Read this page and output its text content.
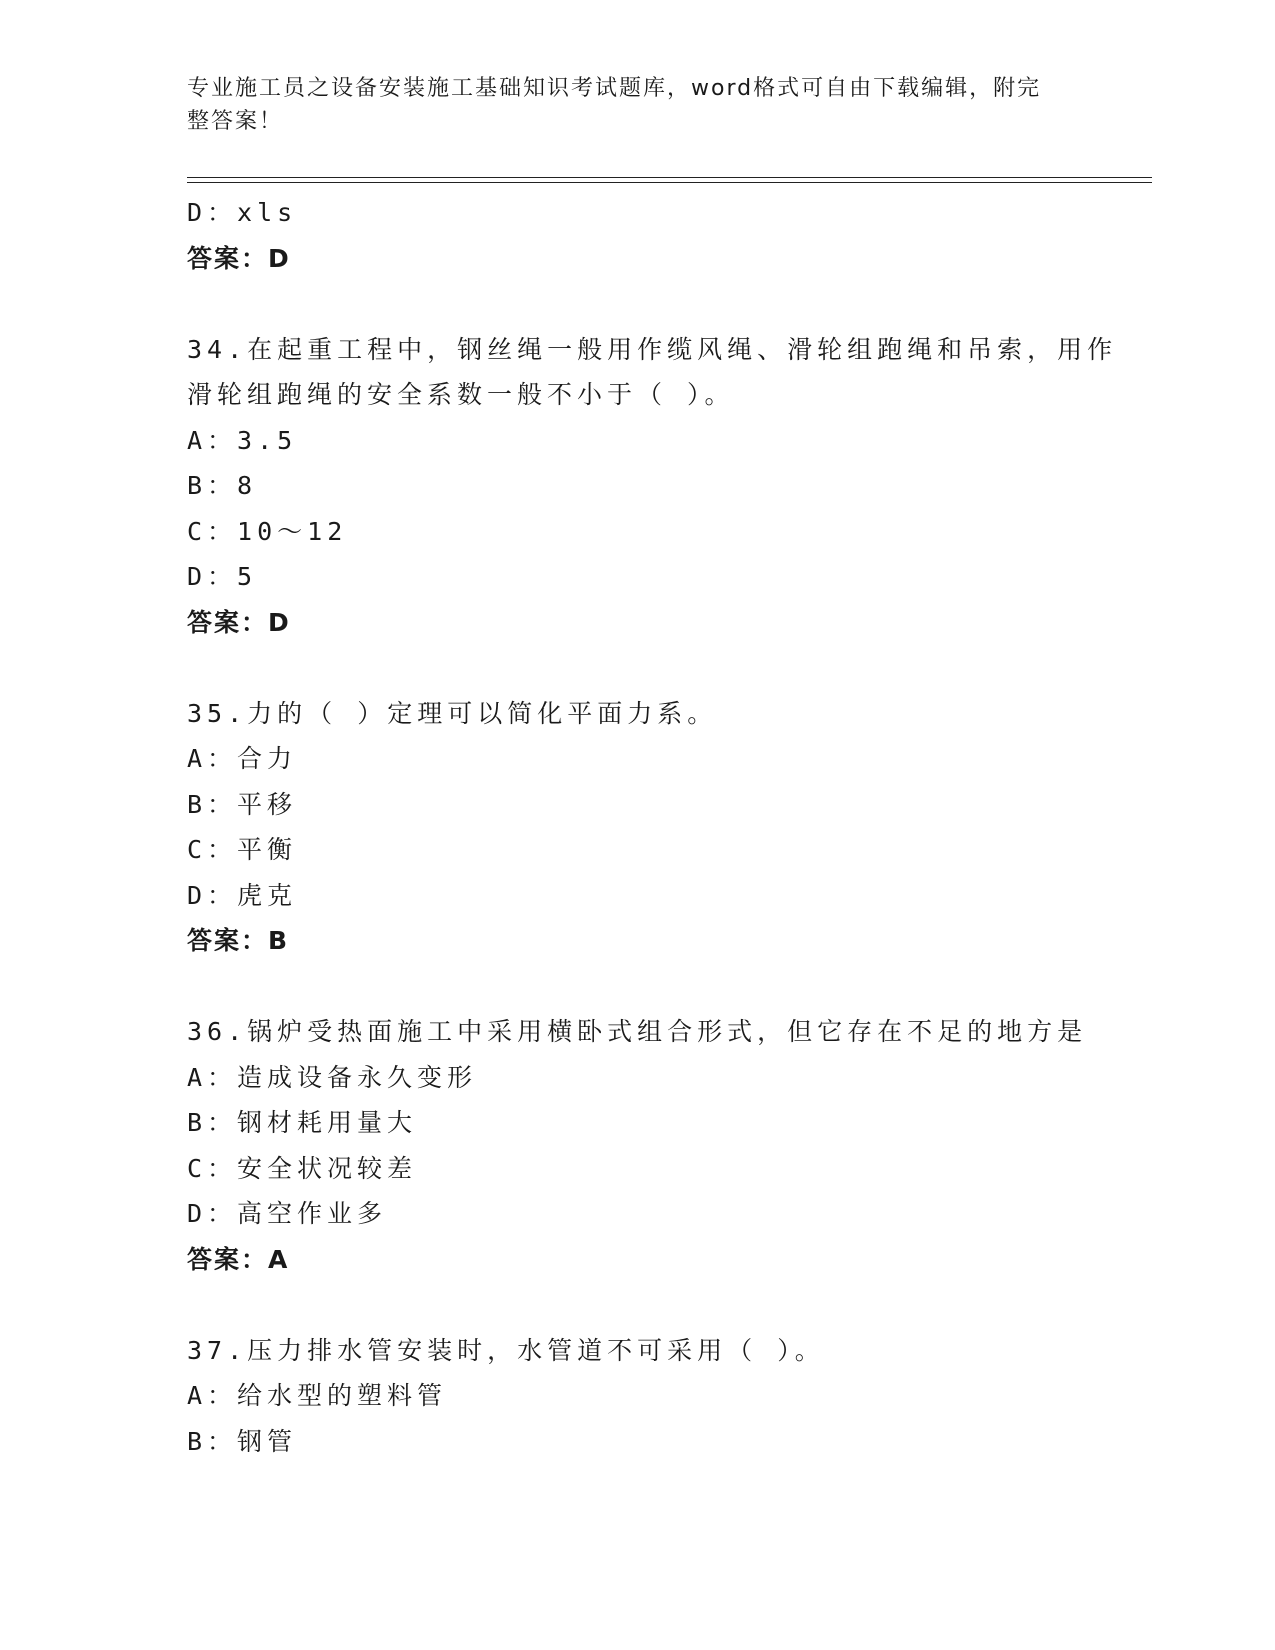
专业施工员之设备安装施工基础知识考试题库，word格式可自由下载编辑，附完
整答案！
D：xls
答案：D
34.在起重工程中，钢丝绳一般用作缆风绳、滑轮组跑绳和吊索，用作
滑轮组跑绳的安全系数一般不小于（ ）。
A：3.5
B：8
C：10～12
D：5
答案：D
35.力的（ ）定理可以简化平面力系。
A：合力
B：平移
C：平衡
D：虎克
答案：B
36.锅炉受热面施工中采用横卧式组合形式，但它存在不足的地方是
A：造成设备永久变形
B：钢材耗用量大
C：安全状况较差
D：高空作业多
答案：A
37.压力排水管安装时，水管道不可采用（ ）。
A：给水型的塑料管
B：钢管
